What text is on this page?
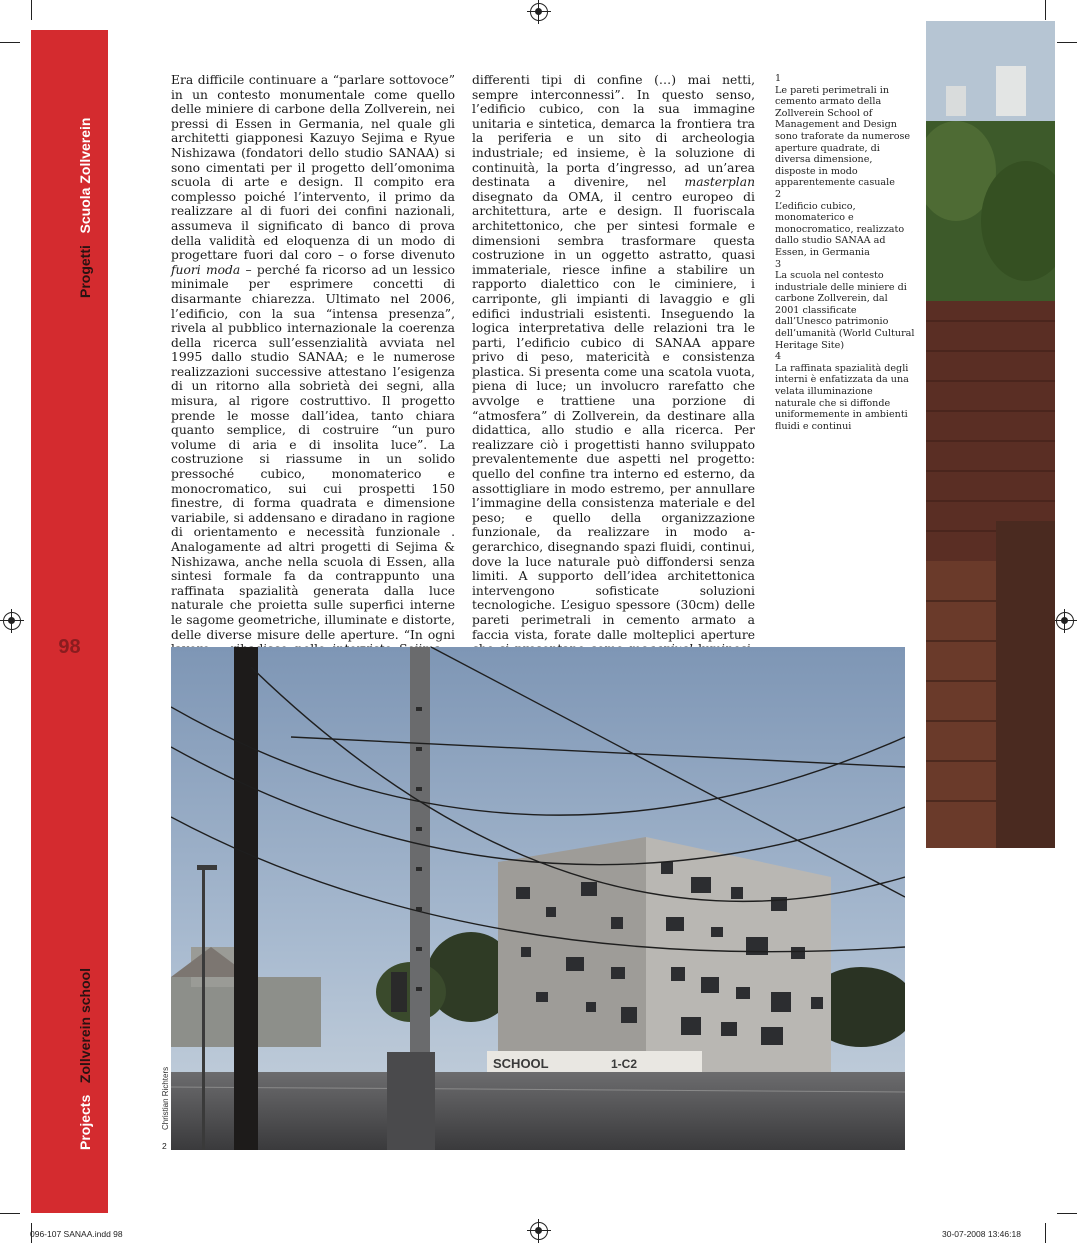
Progetti   Scuola Zollverein
98
Projects   Zollverein school

Era difficile continuare a “parlare sottovoce” in un contesto monumentale come quello delle miniere di carbone della Zollverein, nei pressi di Essen in Germania, nel quale gli architetti giapponesi Kazuyo Sejima e Ryue Nishizawa (fondatori dello studio SANAA) si sono cimentati per il progetto dell’omonima scuola di arte e design. Il compito era complesso poiché l’intervento, il primo da realizzare al di fuori dei confini nazionali, assumeva il significato di banco di prova della validità ed eloquenza di un modo di progettare fuori dal coro – o forse divenuto fuori moda – perché fa ricorso ad un lessico minimale per esprimere concetti di disarmante chiarezza. Ultimato nel 2006, l’edificio, con la sua “intensa presenza”, rivela al pubblico internazionale la coerenza della ricerca sull’essenzialità avviata nel 1995 dallo studio SANAA; e le numerose realizzazioni successive attestano l’esigenza di un ritorno alla sobrietà dei segni, alla misura, al rigore costruttivo. Il progetto prende le mosse dall’idea, tanto chiara quanto semplice, di costruire “un puro volume di aria e di insolita luce”. La costruzione si riassume in un solido pressoché cubico, monomaterico e monocromatico, sui cui prospetti 150 finestre, di forma quadrata e dimensione variabile, si addensano e diradano in ragione di orientamento e necessità funzionale . Analogamente ad altri progetti di Sejima & Nishizawa, anche nella scuola di Essen, alla sintesi formale fa da contrappunto una raffinata spazialità generata dalla luce naturale che proietta sulle superfici interne le sagome geometriche, illuminate e distorte, delle diverse misure delle aperture. “In ogni

differenti tipi di confine (…) mai netti, sempre interconnessi”. In questo senso, l’edificio cubico, con la sua immagine unitaria e sintetica, demarca la frontiera tra la periferia e un sito di archeologia industriale; ed insieme, è la soluzione di continuità, la porta d’ingresso, ad un’area destinata a divenire, nel masterplan disegnato da OMA, il centro europeo di architettura, arte e design. Il fuoriscala architettonico, che per sintesi formale e dimensioni sembra trasformare questa costruzione in un oggetto astratto, quasi immateriale, riesce infine a stabilire un rapporto dialettico con le ciminiere, i carriponte, gli impianti di lavaggio e gli edifici industriali esistenti. Inseguendo la logica interpretativa delle relazioni tra le parti, l’edificio cubico di SANAA appare privo di peso, matericità e consistenza plastica. Si presenta come una scatola vuota, piena di luce; un involucro rarefatto che avvolge e trattiene una porzione di “atmosfera” di Zollverein, da destinare alla didattica, allo studio e alla ricerca. Per realizzare ciò i progettisti hanno sviluppato prevalentemente due aspetti nel progetto: quello del confine tra interno ed esterno, da assottigliare in modo estremo, per annullare l’immagine della consistenza materiale e del peso; e quello della organizzazione funzionale, da realizzare in modo a-gerarchico, disegnando spazi fluidi, continui, dove la luce naturale può diffondersi senza limiti. A supporto dell’idea architettonica intervengono sofisticate soluzioni tecnologiche. L’esiguo spessore (30cm) delle pareti perimetrali in cemento armato a faccia vista, forate dalle molteplici aperture

1
Le pareti perimetrali in cemento armato della Zollverein School of Management and Design sono traforate da numerose aperture quadrate, di diversa dimensione, disposte in modo apparentemente casuale
2
L’edificio cubico, monomaterico e monocromatico, realizzato dallo studio SANAA ad Essen, in Germania
3
La scuola nel contesto industriale delle miniere di carbone Zollverein, dal 2001 classificate dall’Unesco patrimonio dell’umanità (World Cultural Heritage Site)
4
La raffinata spazialità degli interni è enfatizzata da una velata illuminazione naturale che si diffonde uniformemente in ambienti fluidi e continui
SCHOOL	1-C2
Christian Richters
2
096-107 SANAA.indd 98	30-07-2008 13:46:18
